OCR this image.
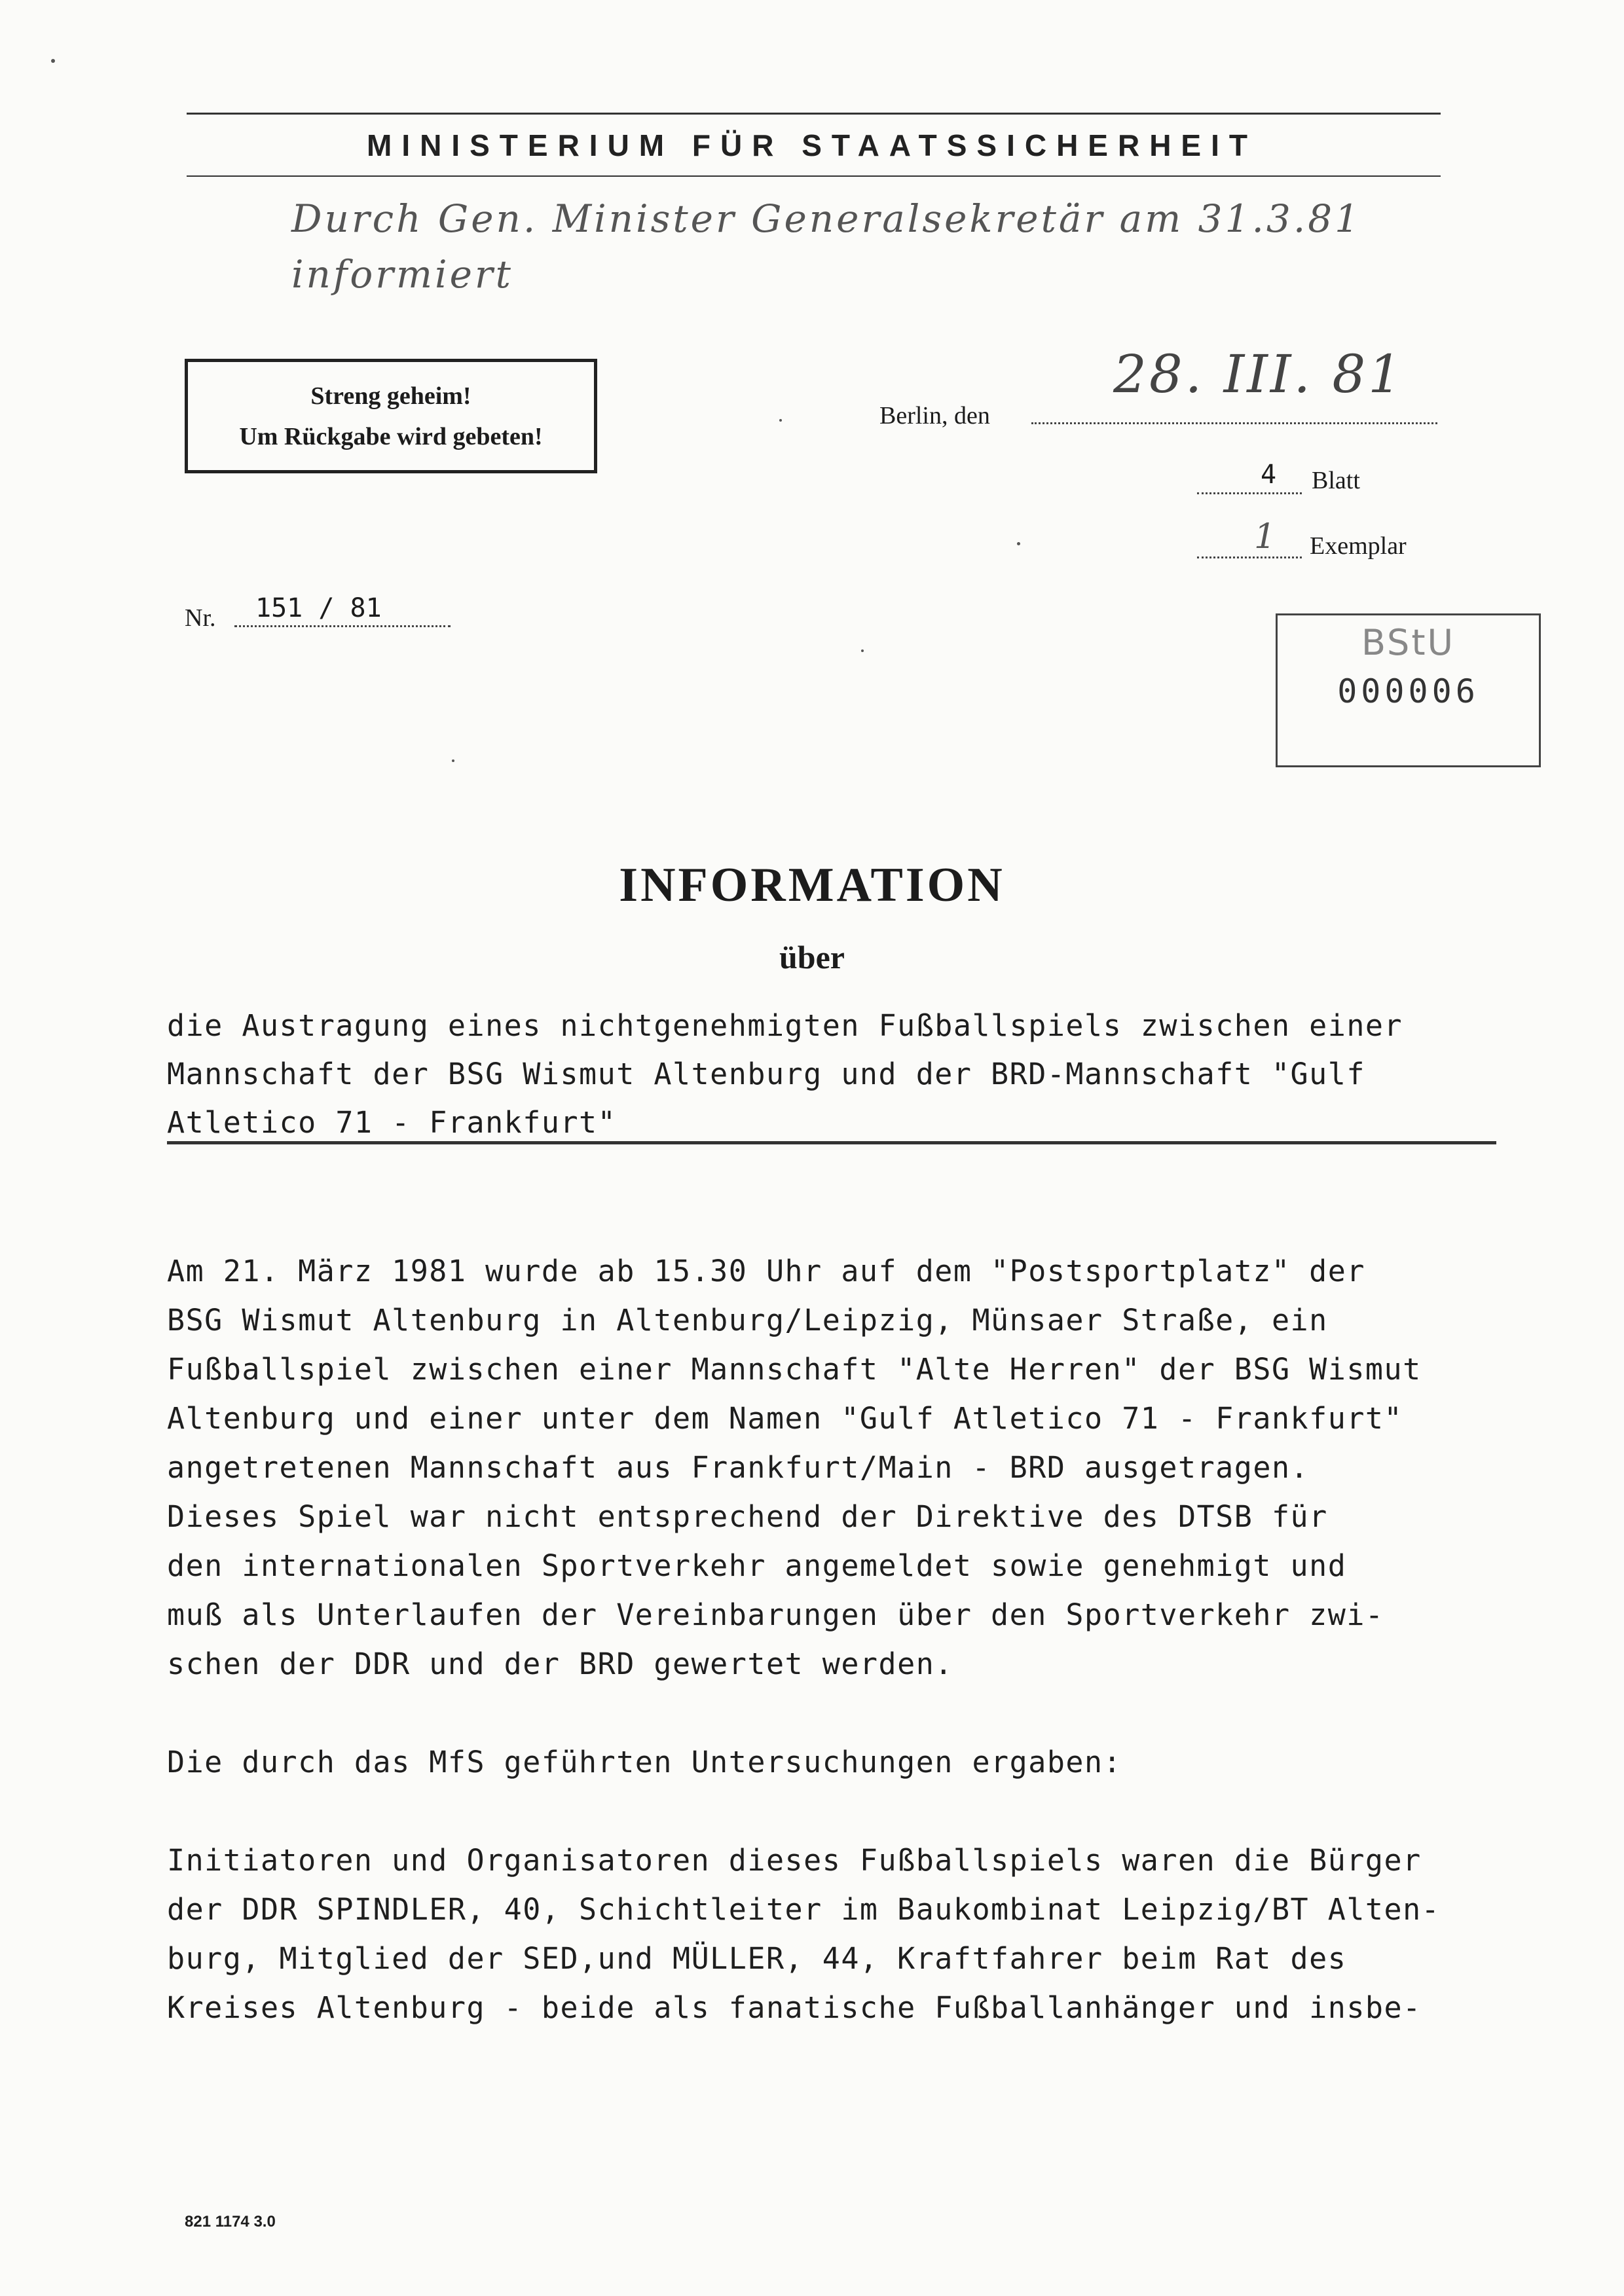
MINISTERIUM FÜR STAATSSICHERHEIT
Durch Gen. Minister Generalsekretär am 31.3.81
informiert
Streng geheim!
Um Rückgabe wird gebeten!
Berlin, den
28. III. 81
4 Blatt
1 Exemplar
Nr. 151 / 81
BStU
000006
INFORMATION
über
die Austragung eines nichtgenehmigten Fußballspiels zwischen einer
Mannschaft der BSG Wismut Altenburg und der BRD-Mannschaft "Gulf
Atletico 71 - Frankfurt"
Am 21. März 1981 wurde ab 15.30 Uhr auf dem "Postsportplatz" der
BSG Wismut Altenburg in Altenburg/Leipzig, Münsaer Straße, ein
Fußballspiel zwischen einer Mannschaft "Alte Herren" der BSG Wismut
Altenburg und einer unter dem Namen "Gulf Atletico 71 - Frankfurt"
angetretenen Mannschaft aus Frankfurt/Main - BRD ausgetragen.
Dieses Spiel war nicht entsprechend der Direktive des DTSB für
den internationalen Sportverkehr angemeldet sowie genehmigt und
muß als Unterlaufen der Vereinbarungen über den Sportverkehr zwi-
schen der DDR und der BRD gewertet werden.
Die durch das MfS geführten Untersuchungen ergaben:
Initiatoren und Organisatoren dieses Fußballspiels waren die Bürger
der DDR SPINDLER, 40, Schichtleiter im Baukombinat Leipzig/BT Alten-
burg, Mitglied der SED,und MÜLLER, 44, Kraftfahrer beim Rat des
Kreises Altenburg - beide als fanatische Fußballanhänger und insbe-
821 1174 3.0
